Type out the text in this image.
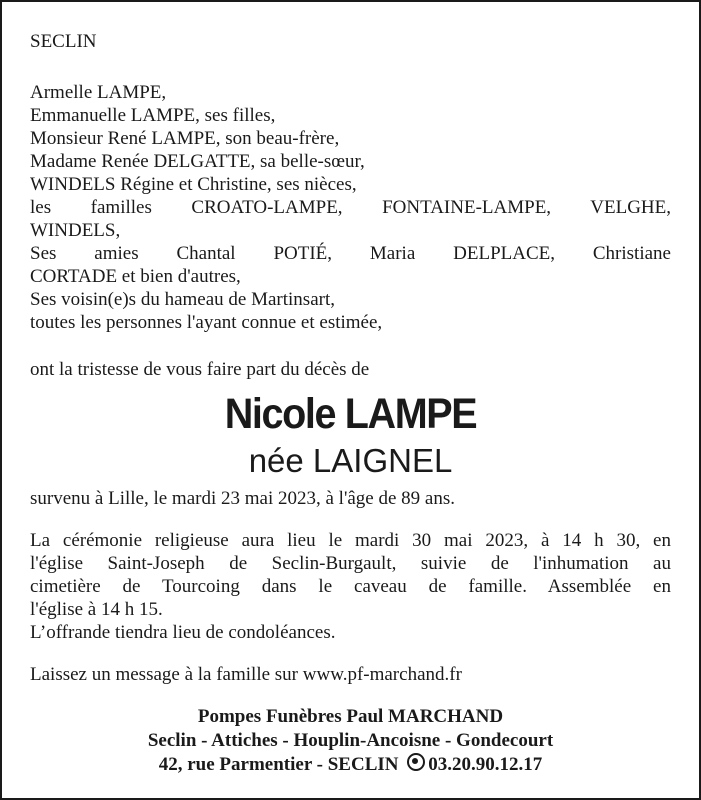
SECLIN
Armelle LAMPE,
Emmanuelle LAMPE, ses filles,
Monsieur René LAMPE, son beau-frère,
Madame Renée DELGATTE, sa belle-sœur,
WINDELS Régine et Christine, ses nièces,
les familles CROATO-LAMPE, FONTAINE-LAMPE, VELGHE,
WINDELS,
Ses amies Chantal POTIÉ, Maria DELPLACE, Christiane
CORTADE et bien d'autres,
Ses voisin(e)s du hameau de Martinsart,
toutes les personnes l'ayant connue et estimée,
ont la tristesse de vous faire part du décès de
Nicole LAMPE
née LAIGNEL
survenu à Lille, le mardi 23 mai 2023, à l'âge de 89 ans.
La cérémonie religieuse aura lieu le mardi 30 mai 2023, à 14 h 30, en
l'église Saint-Joseph de Seclin-Burgault, suivie de l'inhumation au
cimetière de Tourcoing dans le caveau de famille. Assemblée en
l'église à 14 h 15.
L’offrande tiendra lieu de condoléances.
Laissez un message à la famille sur www.pf-marchand.fr
Pompes Funèbres Paul MARCHAND
Seclin - Attiches - Houplin-Ancoisne - Gondecourt
42, rue Parmentier - SECLIN 03.20.90.12.17
